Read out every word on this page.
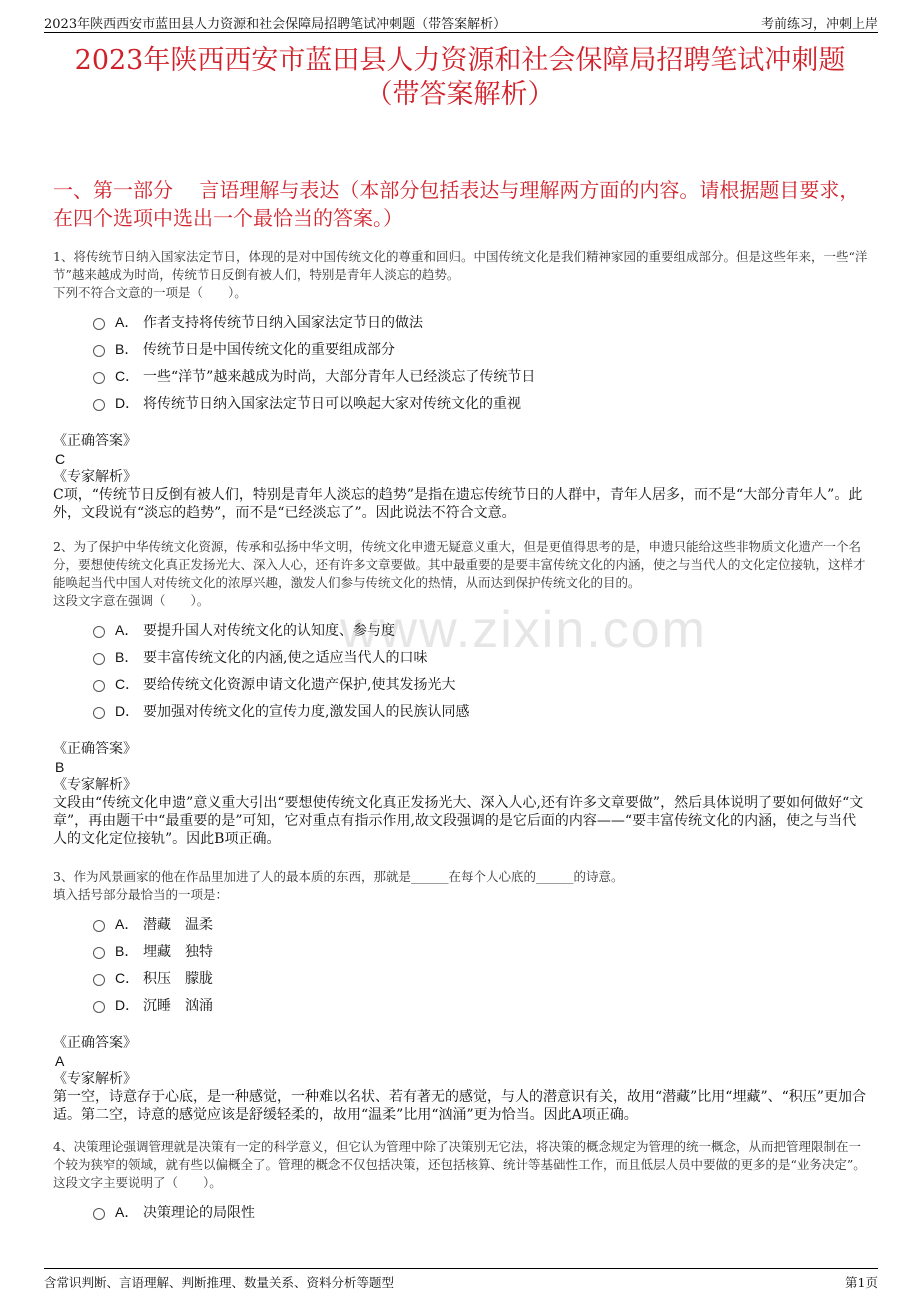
2023年陕西西安市蓝田县人力资源和社会保障局招聘笔试冲刺题（带答案解析）	考前练习，冲刺上岸
2023年陕西西安市蓝田县人力资源和社会保障局招聘笔试冲刺题（带答案解析）
一、第一部分　 言语理解与表达（本部分包括表达与理解两方面的内容。请根据题目要求，在四个选项中选出一个最恰当的答案。）
www.zixin.com

1、将传统节日纳入国家法定节日，体现的是对中国传统文化的尊重和回归。中国传统文化是我们精神家园的重要组成部分。但是这些年来，一些“洋节”越来越成为时尚，传统节日反倒有被人们，特别是青年人淡忘的趋势。
下列不符合文意的一项是（　　）。

A． 作者支持将传统节日纳入国家法定节日的做法
B． 传统节日是中国传统文化的重要组成部分
C． 一些“洋节”越来越成为时尚，大部分青年人已经淡忘了传统节日
D． 将传统节日纳入国家法定节日可以唤起大家对传统文化的重视
《正确答案》
C
《专家解析》

C项，“传统节日反倒有被人们，特别是青年人淡忘的趋势”是指在遗忘传统节日的人群中，青年人居多，而不是“大部分青年人”。此外，文段说有“淡忘的趋势”，而不是“已经淡忘了”。因此说法不符合文意。

2、为了保护中华传统文化资源，传承和弘扬中华文明，传统文化申遗无疑意义重大，但是更值得思考的是，申遗只能给这些非物质文化遗产一个名分，要想使传统文化真正发扬光大、深入人心，还有许多文章要做。其中最重要的是要丰富传统文化的内涵，使之与当代人的文化定位接轨，这样才能唤起当代中国人对传统文化的浓厚兴趣，激发人们参与传统文化的热情，从而达到保护传统文化的目的。
这段文字意在强调（　　）。

A． 要提升国人对传统文化的认知度、参与度
B． 要丰富传统文化的内涵,使之适应当代人的口味
C． 要给传统文化资源申请文化遗产保护,使其发扬光大
D． 要加强对传统文化的宣传力度,激发国人的民族认同感
《正确答案》
B
《专家解析》

文段由“传统文化申遗”意义重大引出“要想使传统文化真正发扬光大、深入人心,还有许多文章要做”，然后具体说明了要如何做好“文章”，再由题干中“最重要的是”可知，它对重点有指示作用,故文段强调的是它后面的内容——“要丰富传统文化的内涵，使之与当代人的文化定位接轨”。因此B项正确。

3、作为风景画家的他在作品里加进了人的最本质的东西，那就是______在每个人心底的______的诗意。
填入括号部分最恰当的一项是：

A． 潜藏　温柔
B． 埋藏　独特
C． 积压　朦胧
D． 沉睡　汹涌
《正确答案》
A
《专家解析》

第一空，诗意存于心底，是一种感觉，一种难以名状、若有著无的感觉，与人的潜意识有关，故用“潜藏”比用“埋藏”、“积压”更加合适。第二空，诗意的感觉应该是舒缓轻柔的，故用“温柔”比用“汹涌”更为恰当。因此A项正确。

4、决策理论强调管理就是决策有一定的科学意义，但它认为管理中除了决策别无它法，将决策的概念规定为管理的统一概念，从而把管理限制在一个较为狭窄的领域，就有些以偏概全了。管理的概念不仅包括决策，还包括核算、统计等基础性工作，而且低层人员中要做的更多的是“业务决定”。
这段文字主要说明了（　　）。

A． 决策理论的局限性
含常识判断、言语理解、判断推理、数量关系、资料分析等题型	第1页
